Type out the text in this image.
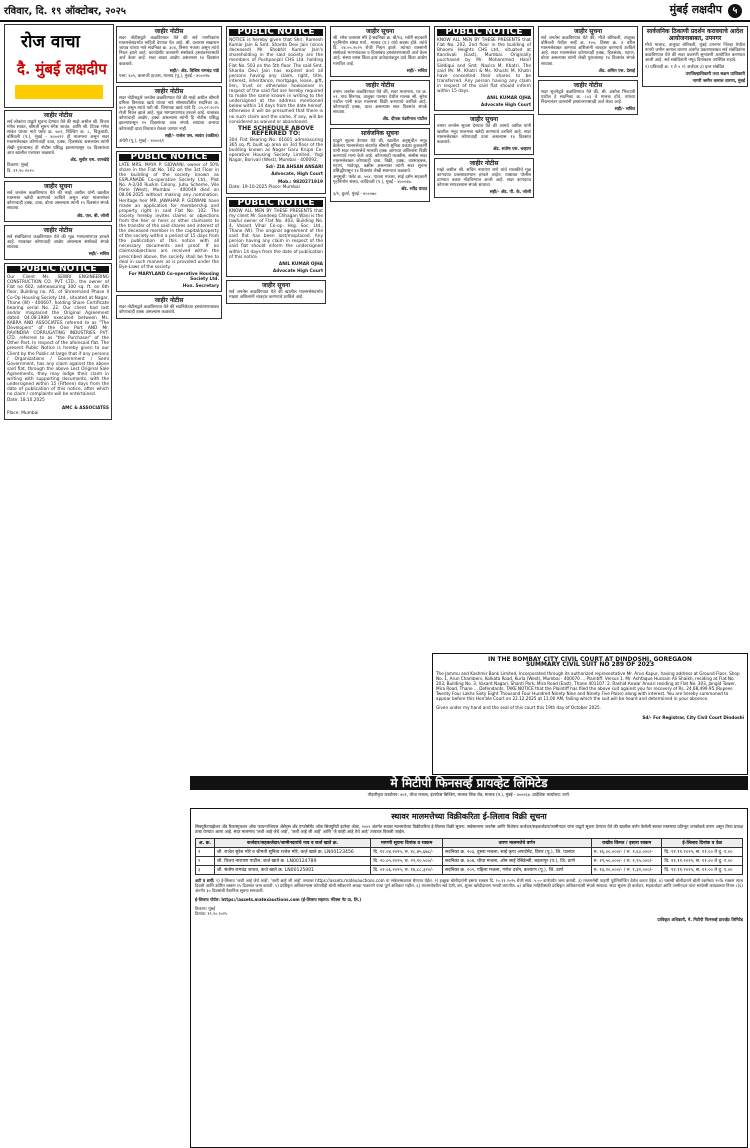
रविवार, दि. १९ ऑक्टोबर, २०२५	मुंबई लक्षदीप ५
रोज वाचा
दै. मुंबई लक्षदीप
जाहीर नोटीस

सर्व लोकांना याद्वारे सूचना देण्यात येते की माझे अशील श्री. विजय मंगेश सावंत, श्रीमती सुमन मंगेश सावंत, आणि श्री. दिपक मंगेश सावंत यांच्या नावे फ्लॅट क्र. ७०२, बिल्डिंग क्र. ८, चिकूवाडी, बोरिवली (प.), मुंबई - ४०००९२ ही मालमत्ता असून सदर मालमत्तेबाबत कोणाचाही दावा, हक्क, हितसंबंध असल्यास त्यांनी लेखी पुराव्यासह ही नोटीस प्रसिद्ध झाल्यापासून १४ दिवसांच्या आत खालील पत्त्यावर कळवावे.

अ‍ॅड. सुधीर एस. वानखेडे

ठिकाण: मुंबई

दि. १९.१०.२०२५

जाहीर सूचना

सर्व जनतेस कळविण्यात येते की माझे अशील यांनी खालील मालमत्ता खरेदी करण्याचे ठरविले असून सदर मालमत्तेवर कोणाचाही हक्क, दावा, बोजा असल्यास त्यांनी १५ दिवसांत संपर्क साधावा.

अ‍ॅड. एल. बी. जोशी
जाहीर नोटीस

सर्व संबंधितांना कळविण्यात येते की मूळ भागप्रमाणपत्र हरवले आहे. त्याबाबत कोणाचाही आक्षेप असल्यास संस्थेकडे संपर्क साधावा.

सही/- सचिव
PUBLIC NOTICE

Our Client Ms. SEWRI ENGINEERING CONSTRUCTION CO. PVT. LTD., the owner of Flat no 602, admeasuring 300 sq. ft. on 6th floor, Building no. A5, of Shreemand Phase II Co-Op Housing Society Ltd., situated at Nagar, Thane (W) - 400607, holding Share Certificate bearing serial No. 22. Our client had lost and/or misplaced the Original Agreement dated 04.08.1989 executed between Ms. KABRA AND ASSOCIATES referred to as "The Developers" of the One Part AND Mr. RAVINDRA CORRUGATING INDUSTRIES PVT. LTD. referred to as "the Purchaser" of the Other Part. In respect of the aforesaid flat. The present Public Notice is hereby given to our Client by the Public at large that if any persons / Organizations / Government / Semi Government, has any claim against the above said flat, through the above Lost Original Sale Agreements, they may lodge their claim in writing with supporting documents, with the undersigned within 15 (Fifteen) days from the date of publication of this notice, after which no claim / complaints will be entertained.

Date: 18.10.2025

AMC & ASSOCIATES

Place: Mumbai

जाहीर नोटीस

सदर नोटीसद्वारे कळविण्यात येते की सर्व नागरिकांना मालमत्तेसंदर्भात माहिती देण्यात येत आहे. श्री. दत्ताराम सखाराम जाधव यांच्या नावे सदनिका क्र. ३०४, तिसरा मजला असून त्यांचे निधन झाले आहे. कायदेशीर वारसांनी संस्थेकडे हस्तांतरणासाठी अर्ज केला आहे. सदर बाबत आक्षेप असल्यास १४ दिवसांत कळवावे.

सही/- ॲड. विशिष्ठ रामचंद्र पांडे

पत्ता: ६०५, बालाजी हाऊस, मालाड (पू.), मुंबई - ४०००९७

जाहीर नोटीस

सदर नोटीसद्वारे जनतेस कळविण्यात येते की माझे अशील श्रीमती प्रमिला विनायक खाडे यांच्या नावे सोसायटीतील सदनिका क्र. ४०२ असून त्यांचे पती श्री. विनायक खाडे यांचे दि. ०५.०२.२०२५ रोजी निधन झाले आहे. मूळ भागप्रमाणपत्र हरवले आहे. याबाबत कोणाचाही आक्षेप, हक्क असल्यास त्यांनी हि नोटीस प्रसिद्ध झाल्यापासून १५ दिवसांच्या आत संपर्क साधावा अन्यथा कोणताही दावा विचारात घेतला जाणार नाही.

सही/- राजेश एस. सावंत (वकील)

अंधेरी (पू.), मुंबई - ४०००६९

PUBLIC NOTICE

LATE MRS. MAYA P. GIDWANI, owner of 50% share in the Flat No. 102 on the 1st Floor in the building of the society known as ESPLANADE Co-operative Society Ltd., Plot No. A-2/30 Ruskin Colony, Juhu Scheme, Vile Parle (West), Mumbai - 400049 died on 08.06.2025 without making any nomination. Heritage heir MR. JAWAHAR P. GIDWANI have made an application for membership and property right in said Flat No. 102. The society hereby invites claims or objections from the heir or heirs or other claimants to the transfer of the said shares and interest of the deceased member in the capital/property of the society within a period of 15 days from the publication of this notice with all necessary documents and proof. If no claims/objections are received within the prescribed above, the society shall be free to deal in such manner as is provided under the Bye-Laws of the society.

For MARYLAND Co-operative Housing Society Ltd.
Hon. Secretary
जाहीर नोटीस

सदर नोटीसद्वारे कळविण्यात येते की सदनिकेच्या हस्तांतरणाबाबत कोणाचाही हक्क असल्यास कळवावे.

PUBLIC NOTICE

NOTICE is hereby given that Shri. Ramesh Kumar Jain & Smt. Sharda Devi Jain (since deceased) Mr. Shobhit Kumar Jain's shareholding in the said society are the members of Pushpanjali CHS Ltd. holding Flat No. 503 on the 5th floor. The said Smt. Sharda Devi Jain has expired and all persons having any claim, right, title, interest, inheritance, mortgage, lease, gift, lien, trust or otherwise howsoever in respect of the said flat are hereby required to make the same known in writing to the undersigned at the address mentioned below within 14 days from the date hereof, otherwise it will be presumed that there is no such claim and the same, if any, will be considered as waived or abandoned.

THE SCHEDULE ABOVE REFERRED TO:

304 Flat Bearing No. 01601 admeasuring 365 sq. ft. built up area on 3rd floor of the building known as Nagar Garu Krupa Co-operative Housing Society Limited, Yogi Nagar, Borivali (West), Mumbai - 400092.

Sd/- ZIA AHSAN ANSARI
Advocate, High Court
Mob.: 9820271919

Date: 19-10-2025 Place: Mumbai

PUBLIC NOTICE

KNOW ALL MEN BY THESE PRESENTS that my client Mr. Sandeep Chhagan Wani is the lawful owner of Flat No. 403, Building No. 4, Vasant Vihar Co-op. Hsg. Soc. Ltd., Thane (W). The original agreement of the said flat has been lost/misplaced. Any person having any claim in respect of the said flat should inform the undersigned within 14 days from the date of publication of this notice.

ANIL KUMAR OJHA
Advocate High Court
जाहीर सूचना

सर्व जनतेस कळविण्यात येते की खालील मालमत्तेसंदर्भात माझ्या अशिलांनी व्यवहार करण्याचे ठरविले आहे.

जाहीर सूचना

श्री. रमेश दत्ताराम मोरे हे सदनिका क्र. बी/१३, ग्लोरी सहकारी गृहनिर्माण संस्था मर्या., मालाड (प.) यांचे सदस्य होते. त्यांचे दि. ०४.०५.२०२५ रोजी निधन झाले. त्यांच्या वारसांनी संस्थेकडे भागभांडवल व हितसंबंध हस्तांतरणासाठी अर्ज केला आहे. संस्था वारस किंवा इतर दावेदारांकडून दावे किंवा आक्षेप मागवित आहे.

सही/- सचिव
जाहीर नोटीस

तमाम जनतेस कळविण्यात येते की, सदर मालमत्ता, घर क्र. ५१, गाव शिरगाव, तालुका पालघर येथील मालक श्री. सुरेश पाटील यांनी सदर मालमत्ता विक्री करण्याचे ठरविले आहे. कोणाचाही हक्क, दावा असल्यास सात दिवसांत संपर्क साधावा.

ॲड. दीपक पंढरीनाथ पाटील
सार्वजनिक सूचना

याद्वारे सूचना देण्यात येते की, खालील अनुसूचीत नमूद केलेल्या मालमत्तेच्या संदर्भात श्रीमती सुनिता प्रकाश कुलकर्णी यांनी सदर मालमत्तेचे मालकी हक्क आमच्या अशिलांना विक्री करण्याचे मान्य केले आहे. कोणत्याही व्यक्तीस, संस्थेस सदर मालमत्तेबाबत कोणताही दावा, विक्री, हक्क, वारसाहक्क, गहाण, भाडेपट्टा, बक्षीस असल्यास त्यांनी सदर सूचना प्रसिद्धीपासून १४ दिवसांत लेखी स्वरूपात कळवावे.

अनुसूची: फ्लॅट क्र. ५०४, पाचवा मजला, साई दर्शन सहकारी गृहनिर्माण संस्था, कांदिवली (प.), मुंबई - ४०००६७.

ॲड. रवींद्र यादव

३/१, कुर्ला, मुंबई - ४०००७०

PUBLIC NOTICE

KNOW ALL MEN BY THESE PRESENTS that Flat No. 202, 2nd floor in the building of Bhoomi Heights CHS Ltd., situated at Kandivali (East), Mumbai. Originally purchased by Mr. Mohammed Hanif Siddiqui and Smt. Nasira M. Khatri. The said Mr. M. Khatri & Ms. Khushi M. Khatri have consented their shares to be transferred. Any person having any claim in respect of the said flat should inform within 15 days.

ANIL KUMAR OJHA
Advocate High Court
जाहीर सूचना

तमाम जनतेस सूचना देण्यात येते की आमचे अशील यांनी खालील नमूद मालमत्ता खरेदी करण्याचे ठरविले आहे. सदर मालमत्तेबाबत कोणाचाही दावा असल्यास १४ दिवसांत कळवावे.

ॲड. संतोष एस. चव्हाण
जाहीर नोटीस

माझे अशील श्री. सचिन नारायण राणे यांचे मालकीचे मूळ कागदपत्र प्रवासादरम्यान हरवले आहेत. याबाबत पोलीस ठाण्यात तक्रार नोंदविण्यात आली आहे. सदर कागदपत्र कोणास सापडल्यास संपर्क साधावा.

सही/- ॲड. पी. के. जोशी
जाहीर सूचना

सर्व जनतेस कळविण्यात येते की, मौजे बोरिवली, तालुका बोरिवली येथील सर्व्हे क्र. १०५, हिस्सा क्र. ३ वरील मालमत्तेबाबत आमच्या अशिलांनी व्यवहार करण्याचे ठरविले आहे. सदर मालमत्तेवर कोणाचाही हक्क, हितसंबंध, गहाण, बोजा असल्यास त्यांनी लेखी पुराव्यासह १४ दिवसांत संपर्क साधावा.

ॲड. अमित एस. देसाई
जाहीर नोटीस

सदर सूचनेद्वारे कळविण्यात येते की, श्री. अशोक भिकाजी पाटील हे सदनिका क्र. ८०३ चे मालक होते. त्यांच्या निधनानंतर वारसांनी हस्तांतरणासाठी अर्ज केला आहे.

सही/- सचिव
सार्वजनिक ठिकाणी प्रदर्शन करावयाचे आदेश
आयोजनाबाबत, उपनगर

मौजे मालाड, तालुका बोरिवली, मुंबई उपनगर जिल्हा येथील नागरी जमीन कमाल धारणा अंतर्गत प्रकरणाबाबत सर्व संबंधितांना कळविण्यात येते की सदर प्रकरणी सुनावणी आयोजित करण्यात आली आहे. सर्व संबंधितांनी नमूद दिनांकास उपस्थित राहावे.

१) प्रतिवादी क्र. १ ते ५ २) अर्जदार ३) इतर संबंधित

उपजिल्हाधिकारी तथा सक्षम प्राधिकारी
नागरी जमीन कमाल धारणा, मुंबई
IN THE BOMBAY CITY CIVIL COURT AT DINDOSHI, GOREGAON
SUMMARY CIVIL SUIT NO 289 OF 2023

The Jammu and Kashmir Bank Limited, Incorporated through its authorized representative Mr. Arun Kapur, having address at Ground Floor, Shop No. 1, Arun Chambers, Kolkata Road, Kurla (West), Mumbai - 400070 ... Plaintiff. Versus 1. Mr. Ashfaque Hussain Ali Shaikh, residing at Flat No. 203, Building No. 3, Vasant Nagari, Shanti Park, Mira Road (East), Thane 401107. 2. Rashid Anwar Ansari residing at Flat No. 303, Jangid Tower, Mira Road, Thane ... Defendants. TAKE NOTICE that the Plaintiff has filed the above suit against you for recovery of Rs. 24,68,499.95 (Rupees Twenty Four Lakhs Sixty Eight Thousand Four Hundred Ninety Nine and Ninety Five Paise) along with interest. You are hereby summoned to appear before this Hon'ble Court on 22.12.2025 at 11.00 AM, failing which the suit will be heard and determined in your absence.

Given under my hand and the seal of this court this 19th day of October 2025.

Sd/- For Registrar, City Civil Court Dindoshi
मे मिटीपी फिनसर्व्ह प्रायव्हेट लिमिटेड
नोंदणीकृत कार्यालय: ४०१, चौथा मजला, इंटरफेस बिल्डिंग, मालाड लिंक रोड, मालाड (प.), मुंबई - ४०००६४. प्रादेशिक कार्यालय: ठाणे.
स्थावर मालमत्तेच्या विक्रीकरिता ई-लिलाव विक्री सूचना
सिक्युरिटायझेशन अँड रिकन्स्ट्रक्शन ऑफ फायनान्शियल ॲसेट्स अँड एन्फोर्समेंट ऑफ सिक्युरिटी इंटरेस्ट ॲक्ट, २००२ अंतर्गत स्थावर मालमत्तेच्या विक्रीकरिता ई-लिलाव विक्री सूचना. सर्वसामान्य जनतेस आणि विशेषतः कर्जदार/सहकर्जदार/जामीनदार यांना याद्वारे सूचना देण्यात येते की खालील वर्णन केलेली स्थावर मालमत्ता प्रतिभूत धनकोकडे तारण असून तिचा प्रत्यक्ष ताबा घेण्यात आला आहे. सदर मालमत्ता 'जशी आहे जेथे आहे', 'जशी आहे जी आहे' आणि 'जे काही आहे तेथे आहे' तत्त्वावर विकली जाईल.
अ. क्र.	कर्जदार/सहकर्जदार/जामीनदारांचे नाव व कर्ज खाते क्र.	मागणी सूचना दिनांक व रक्कम	तारण मालमत्तेचे वर्णन	राखीव किंमत / इसारा रक्कम	ई-लिलाव दिनांक व वेळ
१	श्री. राजेश सुरेश मोरे व श्रीमती सुनिता राजेश मोरे, कर्ज खाते क्र. LN00123456	दि. १२.०४.२०२५, रु. १८,४५,६७८/-	सदनिका क्र. २०३, दुसरा मजला, साई कृपा अपार्टमेंट, विरार (पू.), जि. पालघर	रु. १६,००,०००/- / रु. १,६०,०००/-	दि. ११.११.२०२५, स. ११.०० ते दु. १.००
२	श्री. विजय नारायण पाटील, कर्ज खाते क्र. LN00124789	दि. २०.०५.२०२५, रु. २२,१०,५००/-	सदनिका क्र. ४०४, चौथा मजला, ओम साई रेसिडेन्सी, बदलापूर (प.), जि. ठाणे	रु. १९,५०,०००/- / रु. १,९५,०००/-	दि. ११.११.२०२५, स. ११.०० ते दु. १.००
३	श्री. संतोष रामचंद्र जाधव, कर्ज खाते क्र. LN00125901	दि. ०२.०६.२०२५, रु. १४,८८,३२०/-	सदनिका क्र. १०२, पहिला मजला, गणेश दर्शन, कल्याण (पू.), जि. ठाणे	रु. १३,२०,०००/- / रु. १,३२,०००/-	दि. ११.११.२०२५, स. ११.०० ते दु. १.००
अटी व शर्ती: १) ई-लिलाव 'जशी आहे जेथे आहे', 'जशी आहे जी आहे' तत्त्वावर https://assets.matexauctions.com या संकेतस्थळावर घेण्यात येईल. २) इच्छुक बोलीदारांनी इसारा रक्कम दि. १०.११.२०२५ रोजी सायं. ५.०० वाजेपर्यंत जमा करावी. ३) मालमत्तेची पाहणी पूर्वनियोजित वेळेत करता येईल. ४) यशस्वी बोलीदाराने बोली रकमेच्या २५% रक्कम त्याच दिवशी आणि उर्वरित रक्कम १५ दिवसांत जमा करावी. ५) प्राधिकृत अधिकाऱ्यास कोणतीही बोली स्वीकारणे अथवा नाकारणे याचा पूर्ण अधिकार राहील. ६) मालमत्तेवरील सर्व देणी, कर, शुल्क खरेदीदारास भरावी लागतील. ७) अधिक माहितीसाठी प्राधिकृत अधिकाऱ्याशी संपर्क साधावा. सदर सूचना ही कर्जदार, सहकर्जदार आणि जामीनदार यांना सरफेसी कायद्याच्या नियम ८(६) अंतर्गत ३० दिवसांची वैधानिक सूचना समजावी.
ई-लिलाव पोर्टल: https://assets.matexauctions.com (ई-लिलाव सहाय्य: मॅटेक्स नेट प्रा. लि.)
ठिकाण: मुंबई
दिनांक: १९.१०.२०२५
प्राधिकृत अधिकारी, मे. मिटीपी फिनसर्व्ह प्रायव्हेट लिमिटेड
